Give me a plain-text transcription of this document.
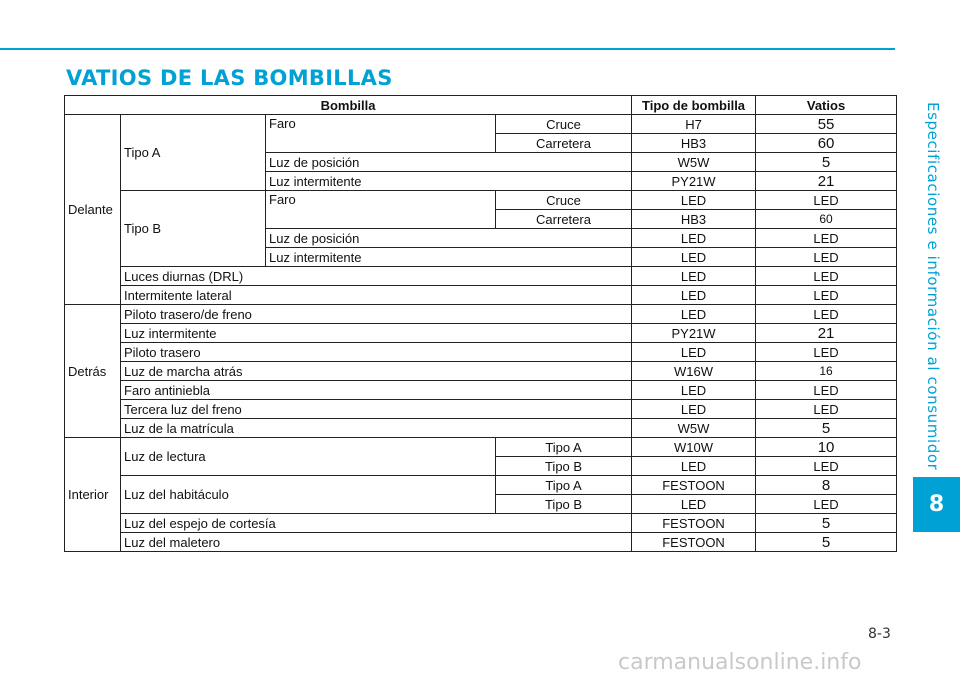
VATIOS DE LAS BOMBILLAS
Especificaciones e información al consumidor
8
8-3
carmanualsonline.info
Bombilla				Tipo de bombilla	Vatios
Delante	Tipo A	Faro	Cruce	H7	55
			Carretera	HB3	60
		Luz de posición		W5W	5
		Luz intermitente		PY21W	21
	Tipo B	Faro	Cruce	LED	LED
			Carretera	HB3	60
		Luz de posición		LED	LED
		Luz intermitente		LED	LED
	Luces diurnas (DRL)			LED	LED
	Intermitente lateral			LED	LED
Detrás	Piloto trasero/de freno			LED	LED
	Luz intermitente			PY21W	21
	Piloto trasero			LED	LED
	Luz de marcha atrás			W16W	16
	Faro antiniebla			LED	LED
	Tercera luz del freno			LED	LED
	Luz de la matrícula			W5W	5
Interior	Luz de lectura		Tipo A	W10W	10
			Tipo B	LED	LED
	Luz del habitáculo		Tipo A	FESTOON	8
			Tipo B	LED	LED
	Luz del espejo de cortesía			FESTOON	5
	Luz del maletero			FESTOON	5
